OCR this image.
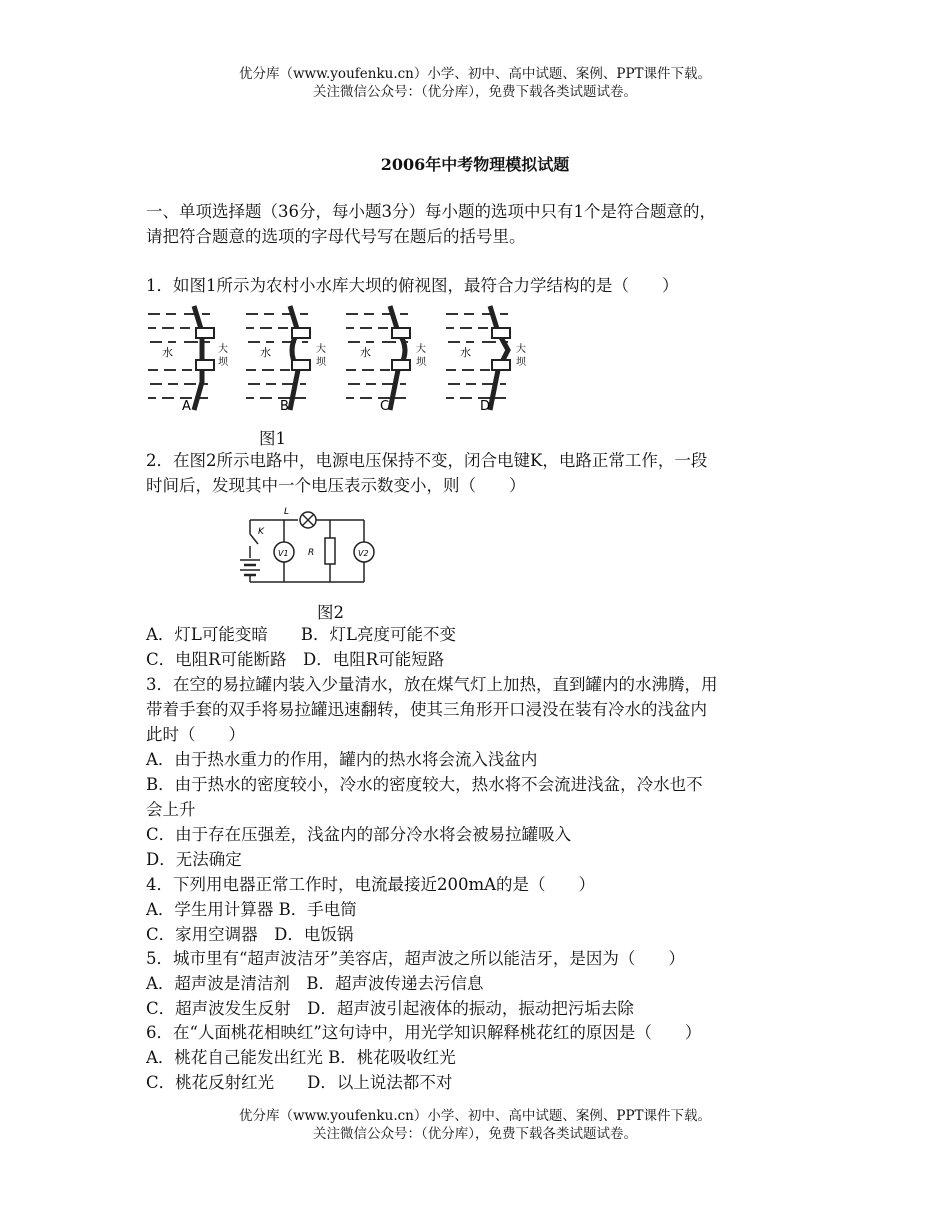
优分库（www.youfenku.cn）小学、初中、高中试题、案例、PPT课件下载。
关注微信公众号：（优分库），免费下载各类试题试卷。
2006年中考物理模拟试题
一、单项选择题（36分，每小题3分）每小题的选项中只有1个是符合题意的，
请把符合题意的选项的字母代号写在题后的括号里。
1．如图1所示为农村小水库大坝的俯视图，最符合力学结构的是（　　）
水	大
坝
A
水	大
坝
B
水	大
坝
C
水	大
坝
D
图1
2．在图2所示电路中，电源电压保持不变，闭合电键K，电路正常工作，一段
时间后，发现其中一个电压表示数变小，则（　　）
L
K
V1 R	V2
图2
A．灯L可能变暗　　B．灯L亮度可能不变
C．电阻R可能断路　D．电阻R可能短路
3．在空的易拉罐内装入少量清水，放在煤气灯上加热，直到罐内的水沸腾，用
带着手套的双手将易拉罐迅速翻转，使其三角形开口浸没在装有冷水的浅盆内
此时（　　）
A．由于热水重力的作用，罐内的热水将会流入浅盆内
B．由于热水的密度较小，冷水的密度较大，热水将不会流进浅盆，冷水也不
会上升
C．由于存在压强差，浅盆内的部分冷水将会被易拉罐吸入
D．无法确定
4．下列用电器正常工作时，电流最接近200mA的是（　　）
A．学生用计算器 B．手电筒
C．家用空调器　D．电饭锅
5．城市里有“超声波洁牙”美容店，超声波之所以能洁牙，是因为（　　）
A．超声波是清洁剂　B．超声波传递去污信息
C．超声波发生反射　D．超声波引起液体的振动，振动把污垢去除
6．在“人面桃花相映红”这句诗中，用光学知识解释桃花红的原因是（　　）
A．桃花自己能发出红光 B．桃花吸收红光
C．桃花反射红光　　D．以上说法都不对
优分库（www.youfenku.cn）小学、初中、高中试题、案例、PPT课件下载。
关注微信公众号：（优分库），免费下载各类试题试卷。
